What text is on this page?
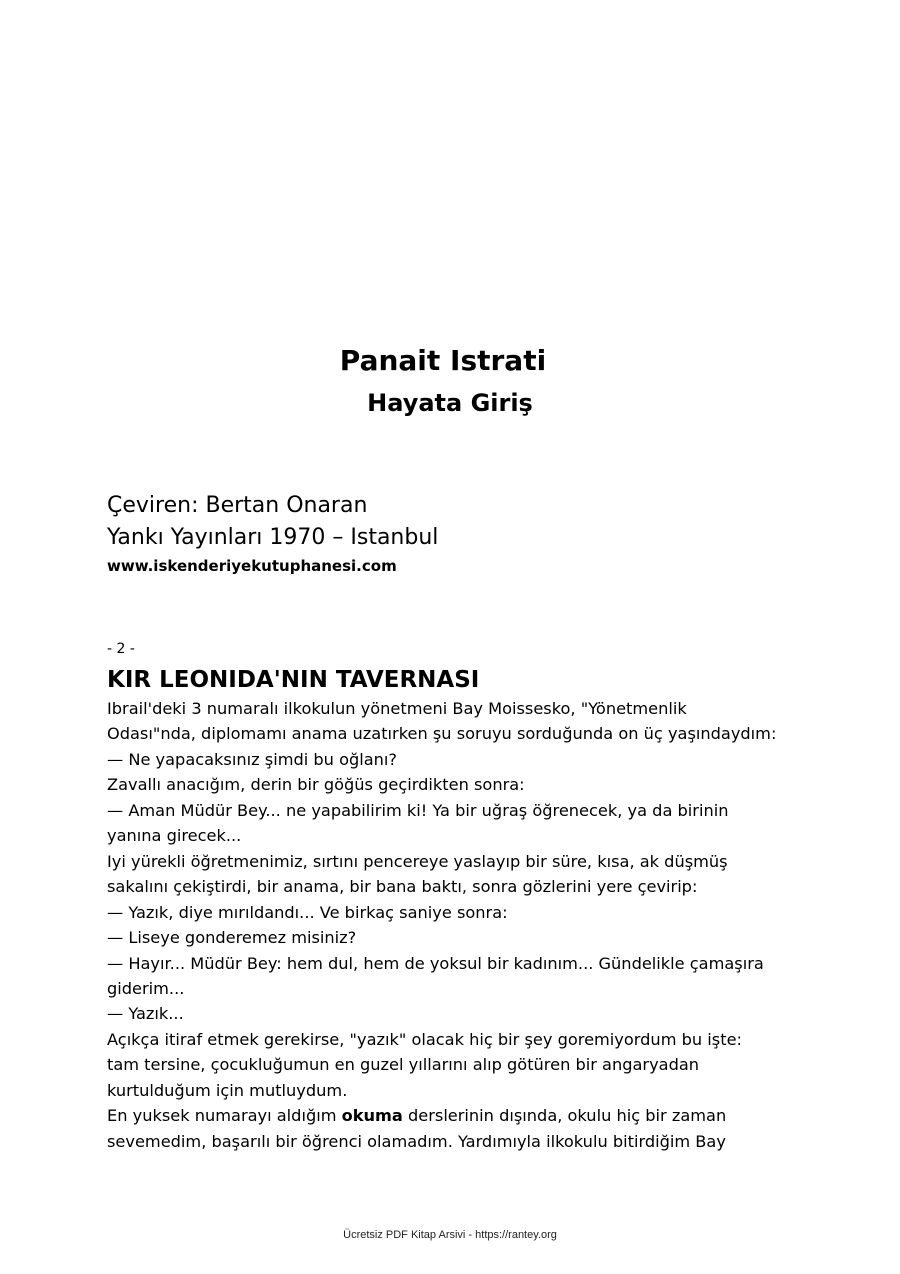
Panait Istrati
Hayata Giriş
Çeviren: Bertan Onaran
Yankı Yayınları 1970 – Istanbul
www.iskenderiyekutuphanesi.com
- 2 -
KIR LEONIDA'NIN TAVERNASI
Ibrail'deki 3 numaralı ilkokulun yönetmeni Bay Moissesko, "Yönetmenlik
Odası"nda, diplomamı anama uzatırken şu soruyu sorduğunda on üç yaşındaydım:
— Ne yapacaksınız şimdi bu oğlanı?
Zavallı anacığım, derin bir göğüs geçirdikten sonra:
— Aman Müdür Bey... ne yapabilirim ki! Ya bir uğraş öğrenecek, ya da birinin
yanına girecek...
Iyi yürekli öğretmenimiz, sırtını pencereye yaslayıp bir süre, kısa, ak düşmüş
sakalını çekiştirdi, bir anama, bir bana baktı, sonra gözlerini yere çevirip:
— Yazık, diye mırıldandı... Ve birkaç saniye sonra:
— Liseye gonderemez misiniz?
— Hayır... Müdür Bey: hem dul, hem de yoksul bir kadınım... Gündelikle çamaşıra
giderim...
— Yazık...
Açıkça itiraf etmek gerekirse, "yazık" olacak hiç bir şey goremiyordum bu işte:
tam tersine, çocukluğumun en guzel yıllarını alıp götüren bir angaryadan
kurtulduğum için mutluydum.
En yuksek numarayı aldığım okuma derslerinin dışında, okulu hiç bir zaman
sevemedim, başarılı bir öğrenci olamadım. Yardımıyla ilkokulu bitirdiğim Bay
Ücretsiz PDF Kitap Arsivi - https://rantey.org
